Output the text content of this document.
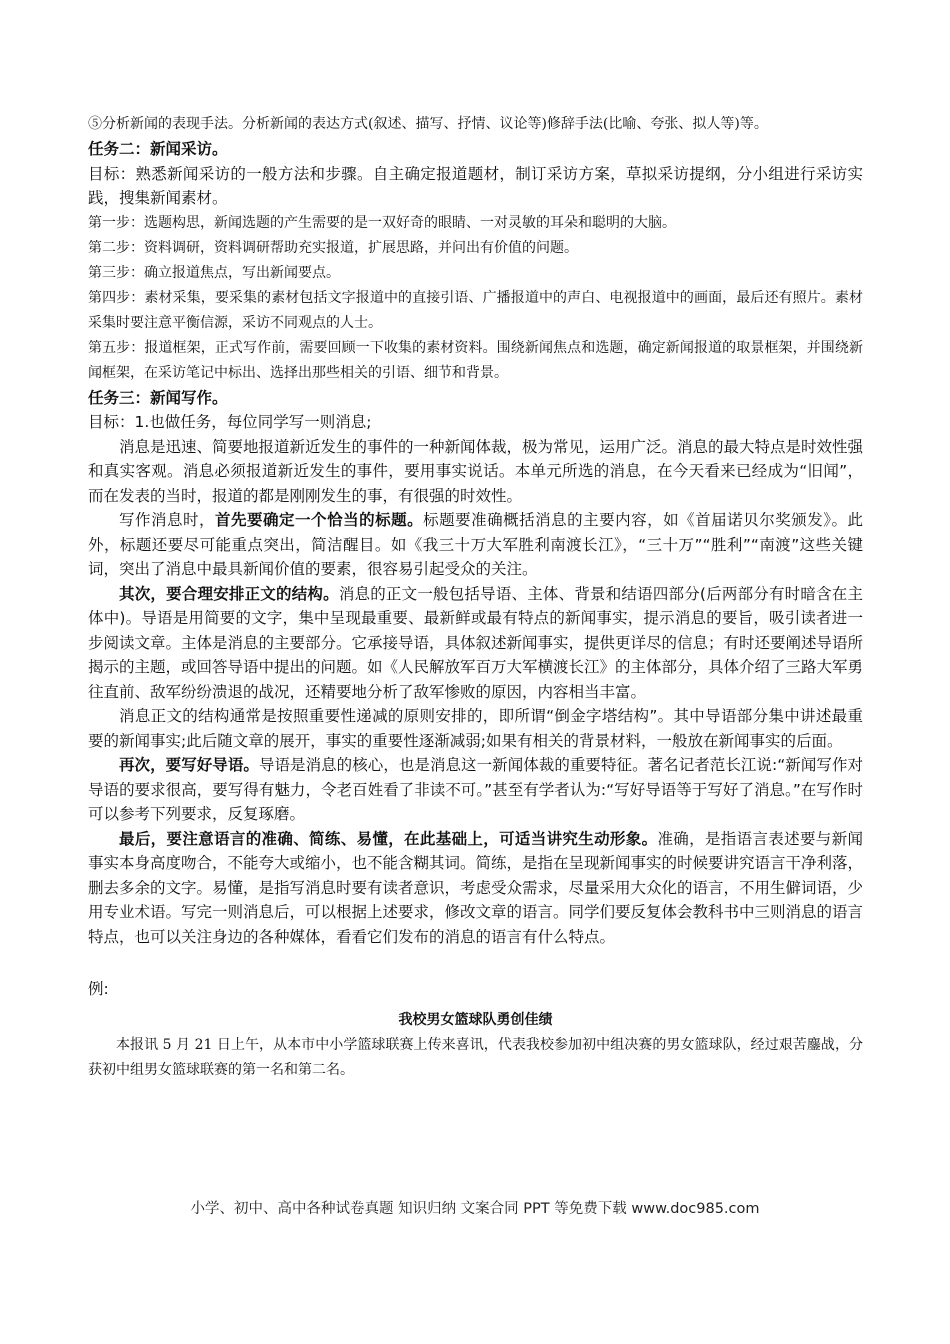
⑤分析新闻的表现手法。分析新闻的表达方式(叙述、描写、抒情、议论等)修辞手法(比喻、夸张、拟人等)等。

任务二：新闻采访。

目标：熟悉新闻采访的一般方法和步骤。自主确定报道题材，制订采访方案，草拟采访提纲，分小组进行采访实践，搜集新闻素材。

第一步：选题构思，新闻选题的产生需要的是一双好奇的眼睛、一对灵敏的耳朵和聪明的大脑。

第二步：资料调研，资料调研帮助充实报道，扩展思路，并问出有价值的问题。

第三步：确立报道焦点，写出新闻要点。

第四步：素材采集，要采集的素材包括文字报道中的直接引语、广播报道中的声白、电视报道中的画面，最后还有照片。素材采集时要注意平衡信源，采访不同观点的人士。

第五步：报道框架，正式写作前，需要回顾一下收集的素材资料。围绕新闻焦点和选题，确定新闻报道的取景框架，并围绕新闻框架，在采访笔记中标出、选择出那些相关的引语、细节和背景。

任务三：新闻写作。

目标：1.也做任务，每位同学写一则消息;

消息是迅速、简要地报道新近发生的事件的一种新闻体裁，极为常见，运用广泛。消息的最大特点是时效性强和真实客观。消息必须报道新近发生的事件，要用事实说话。本单元所选的消息，在今天看来已经成为“旧闻”，而在发表的当时，报道的都是刚刚发生的事，有很强的时效性。

写作消息时，首先要确定一个恰当的标题。标题要准确概括消息的主要内容，如《首届诺贝尔奖颁发》。此外，标题还要尽可能重点突出，简洁醒目。如《我三十万大军胜利南渡长江》，“三十万”“胜利”“南渡”这些关键词，突出了消息中最具新闻价值的要素，很容易引起受众的关注。

其次，要合理安排正文的结构。消息的正文一般包括导语、主体、背景和结语四部分(后两部分有时暗含在主体中)。导语是用简要的文字，集中呈现最重要、最新鲜或最有特点的新闻事实，提示消息的要旨，吸引读者进一步阅读文章。主体是消息的主要部分。它承接导语，具体叙述新闻事实，提供更详尽的信息；有时还要阐述导语所揭示的主题，或回答导语中提出的问题。如《人民解放军百万大军横渡长江》的主体部分，具体介绍了三路大军勇往直前、敌军纷纷溃退的战况，还精要地分析了敌军惨败的原因，内容相当丰富。

消息正文的结构通常是按照重要性递减的原则安排的，即所谓“倒金字塔结构”。其中导语部分集中讲述最重要的新闻事实;此后随文章的展开，事实的重要性逐渐减弱;如果有相关的背景材料，一般放在新闻事实的后面。

再次，要写好导语。导语是消息的核心，也是消息这一新闻体裁的重要特征。著名记者范长江说:“新闻写作对导语的要求很高，要写得有魅力，令老百姓看了非读不可。”甚至有学者认为:“写好导语等于写好了消息。”在写作时可以参考下列要求，反复琢磨。

最后，要注意语言的准确、简练、易懂，在此基础上，可适当讲究生动形象。准确，是指语言表述要与新闻事实本身高度吻合，不能夸大或缩小，也不能含糊其词。简练，是指在呈现新闻事实的时候要讲究语言干净利落，删去多余的文字。易懂，是指写消息时要有读者意识，考虑受众需求，尽量采用大众化的语言，不用生僻词语，少用专业术语。写完一则消息后，可以根据上述要求，修改文章的语言。同学们要反复体会教科书中三则消息的语言特点，也可以关注身边的各种媒体，看看它们发布的消息的语言有什么特点。

例:

我校男女篮球队勇创佳绩

本报讯 5 月 21 日上午，从本市中小学篮球联赛上传来喜讯，代表我校参加初中组决赛的男女篮球队，经过艰苦鏖战，分获初中组男女篮球联赛的第一名和第二名。

小学、初中、高中各种试卷真题 知识归纳 文案合同 PPT 等免费下载 www.doc985.com
